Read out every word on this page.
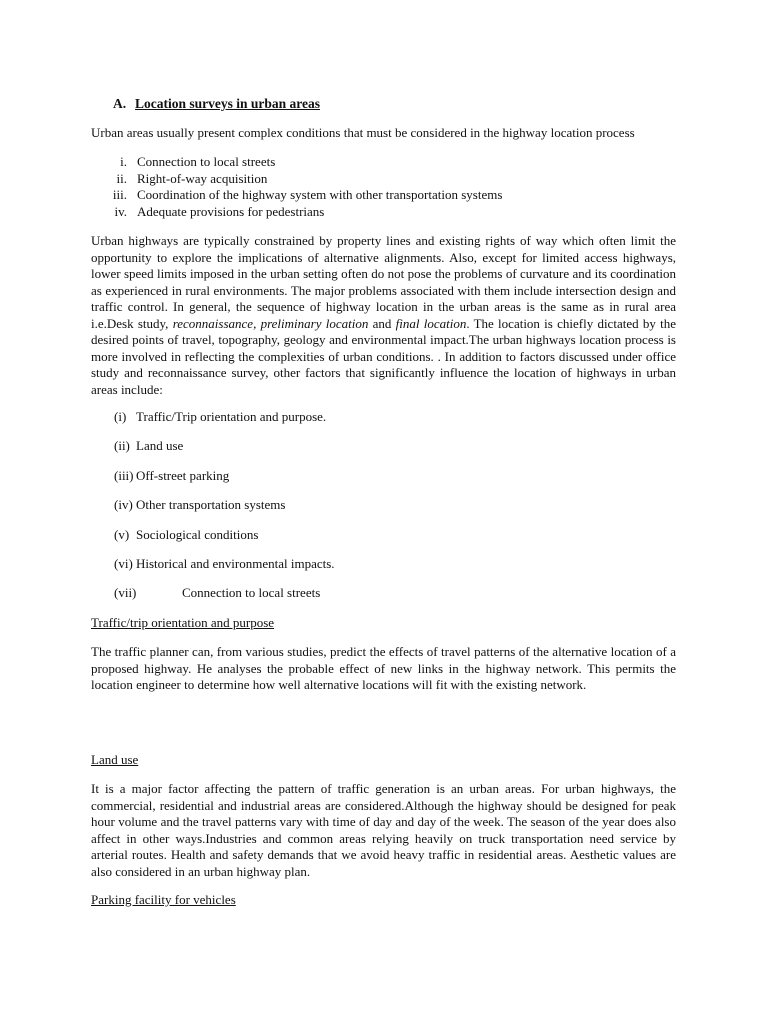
A. Location surveys in urban areas

Urban areas usually present complex conditions that must be considered in the highway location process

i. Connection to local streets
ii. Right-of-way acquisition
iii. Coordination of the highway system with other transportation systems
iv. Adequate provisions for pedestrians

Urban highways are typically constrained by property lines and existing rights of way which often limit the opportunity to explore the implications of alternative alignments. Also, except for limited access highways, lower speed limits imposed in the urban setting often do not pose the problems of curvature and its coordination as experienced in rural environments. The major problems associated with them include intersection design and traffic control. In general, the sequence of highway location in the urban areas is the same as in rural area i.e.Desk study, reconnaissance, preliminary location and final location. The location is chiefly dictated by the desired points of travel, topography, geology and environmental impact.The urban highways location process is more involved in reflecting the complexities of urban conditions. . In addition to factors discussed under office study and reconnaissance survey, other factors that significantly influence the location of highways in urban areas include:

(i) Traffic/Trip orientation and purpose.
(ii) Land use
(iii) Off-street parking
(iv) Other transportation systems
(v) Sociological conditions
(vi) Historical and environmental impacts.
(vii)	Connection to local streets
Traffic/trip orientation and purpose

The traffic planner can, from various studies, predict the effects of travel patterns of the alternative location of a proposed highway. He analyses the probable effect of new links in the highway network. This permits the location engineer to determine how well alternative locations will fit with the existing network.

Land use

It is a major factor affecting the pattern of traffic generation is an urban areas. For urban highways, the commercial, residential and industrial areas are considered.Although the highway should be designed for peak hour volume and the travel patterns vary with time of day and day of the week. The season of the year does also affect in other ways.Industries and common areas relying heavily on truck transportation need service by arterial routes. Health and safety demands that we avoid heavy traffic in residential areas. Aesthetic values are also considered in an urban highway plan.

Parking facility for vehicles
